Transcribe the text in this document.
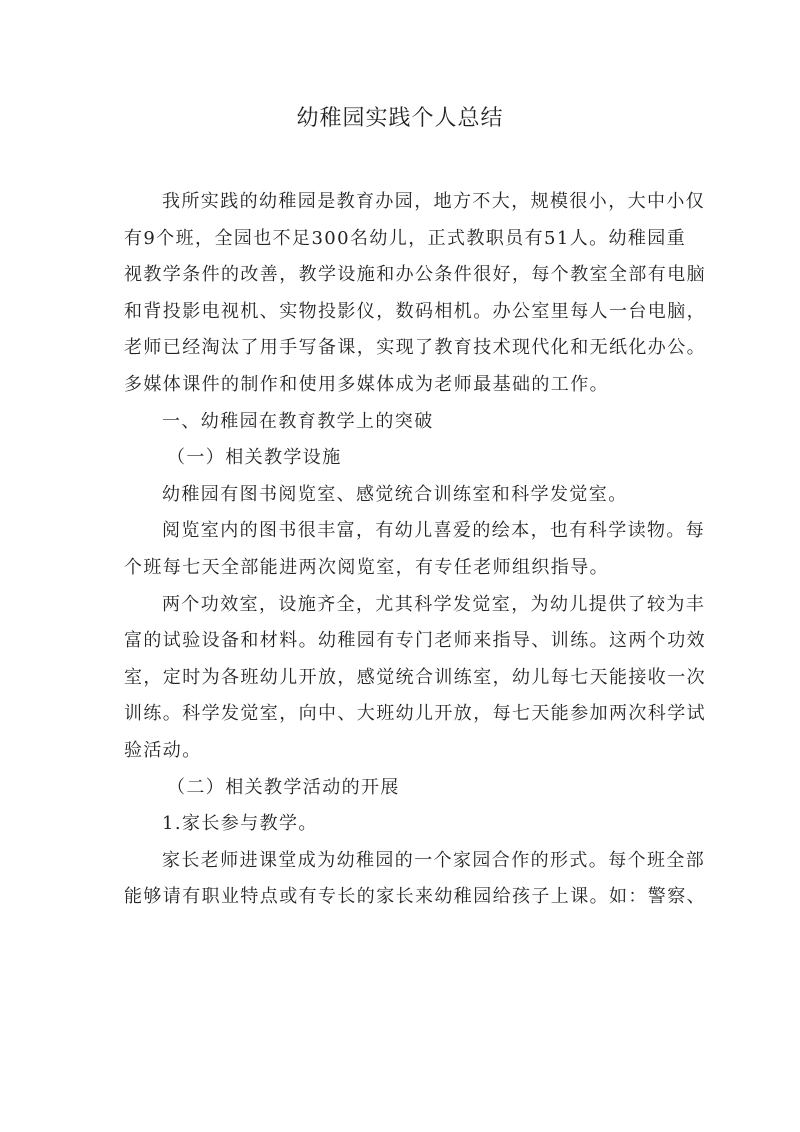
幼稚园实践个人总结
我所实践的幼稚园是教育办园，地方不大，规模很小，大中小仅
有9个班，全园也不足300名幼儿，正式教职员有51人。幼稚园重
视教学条件的改善，教学设施和办公条件很好，每个教室全部有电脑
和背投影电视机、实物投影仪，数码相机。办公室里每人一台电脑，
老师已经淘汰了用手写备课，实现了教育技术现代化和无纸化办公。
多媒体课件的制作和使用多媒体成为老师最基础的工作。
一、幼稚园在教育教学上的突破
（一）相关教学设施
幼稚园有图书阅览室、感觉统合训练室和科学发觉室。
阅览室内的图书很丰富，有幼儿喜爱的绘本，也有科学读物。每
个班每七天全部能进两次阅览室，有专任老师组织指导。
两个功效室，设施齐全，尤其科学发觉室，为幼儿提供了较为丰
富的试验设备和材料。幼稚园有专门老师来指导、训练。这两个功效
室，定时为各班幼儿开放，感觉统合训练室，幼儿每七天能接收一次
训练。科学发觉室，向中、大班幼儿开放，每七天能参加两次科学试
验活动。
（二）相关教学活动的开展
1.家长参与教学。
家长老师进课堂成为幼稚园的一个家园合作的形式。每个班全部
能够请有职业特点或有专长的家长来幼稚园给孩子上课。如：警察、
